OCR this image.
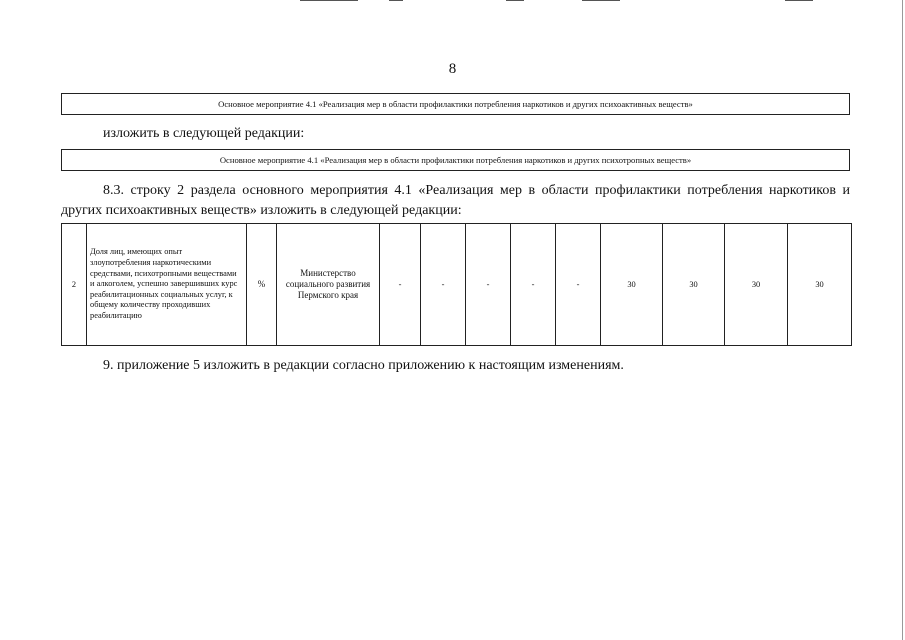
8
Основное мероприятие 4.1 «Реализация мер в области профилактики потребления наркотиков и других психоактивных веществ»
изложить в следующей редакции:
Основное мероприятие 4.1 «Реализация мер в области профилактики потребления наркотиков и других психотропных веществ»
8.3. строку 2 раздела основного мероприятия 4.1 «Реализация мер в области профилактики потребления наркотиков и других психоактивных веществ» изложить в следующей редакции:
2	Доля лиц, имеющих опыт злоупотребления наркотическими средствами, психотропными веществами и алкоголем, успешно завершивших курс реабилитационных социальных услуг, к общему количеству проходивших реабилитацию	%	Министерство социального развития Пермского края	-	-	-	-	-	30	30	30	30
9. приложение 5 изложить в редакции согласно приложению к настоящим изменениям.
